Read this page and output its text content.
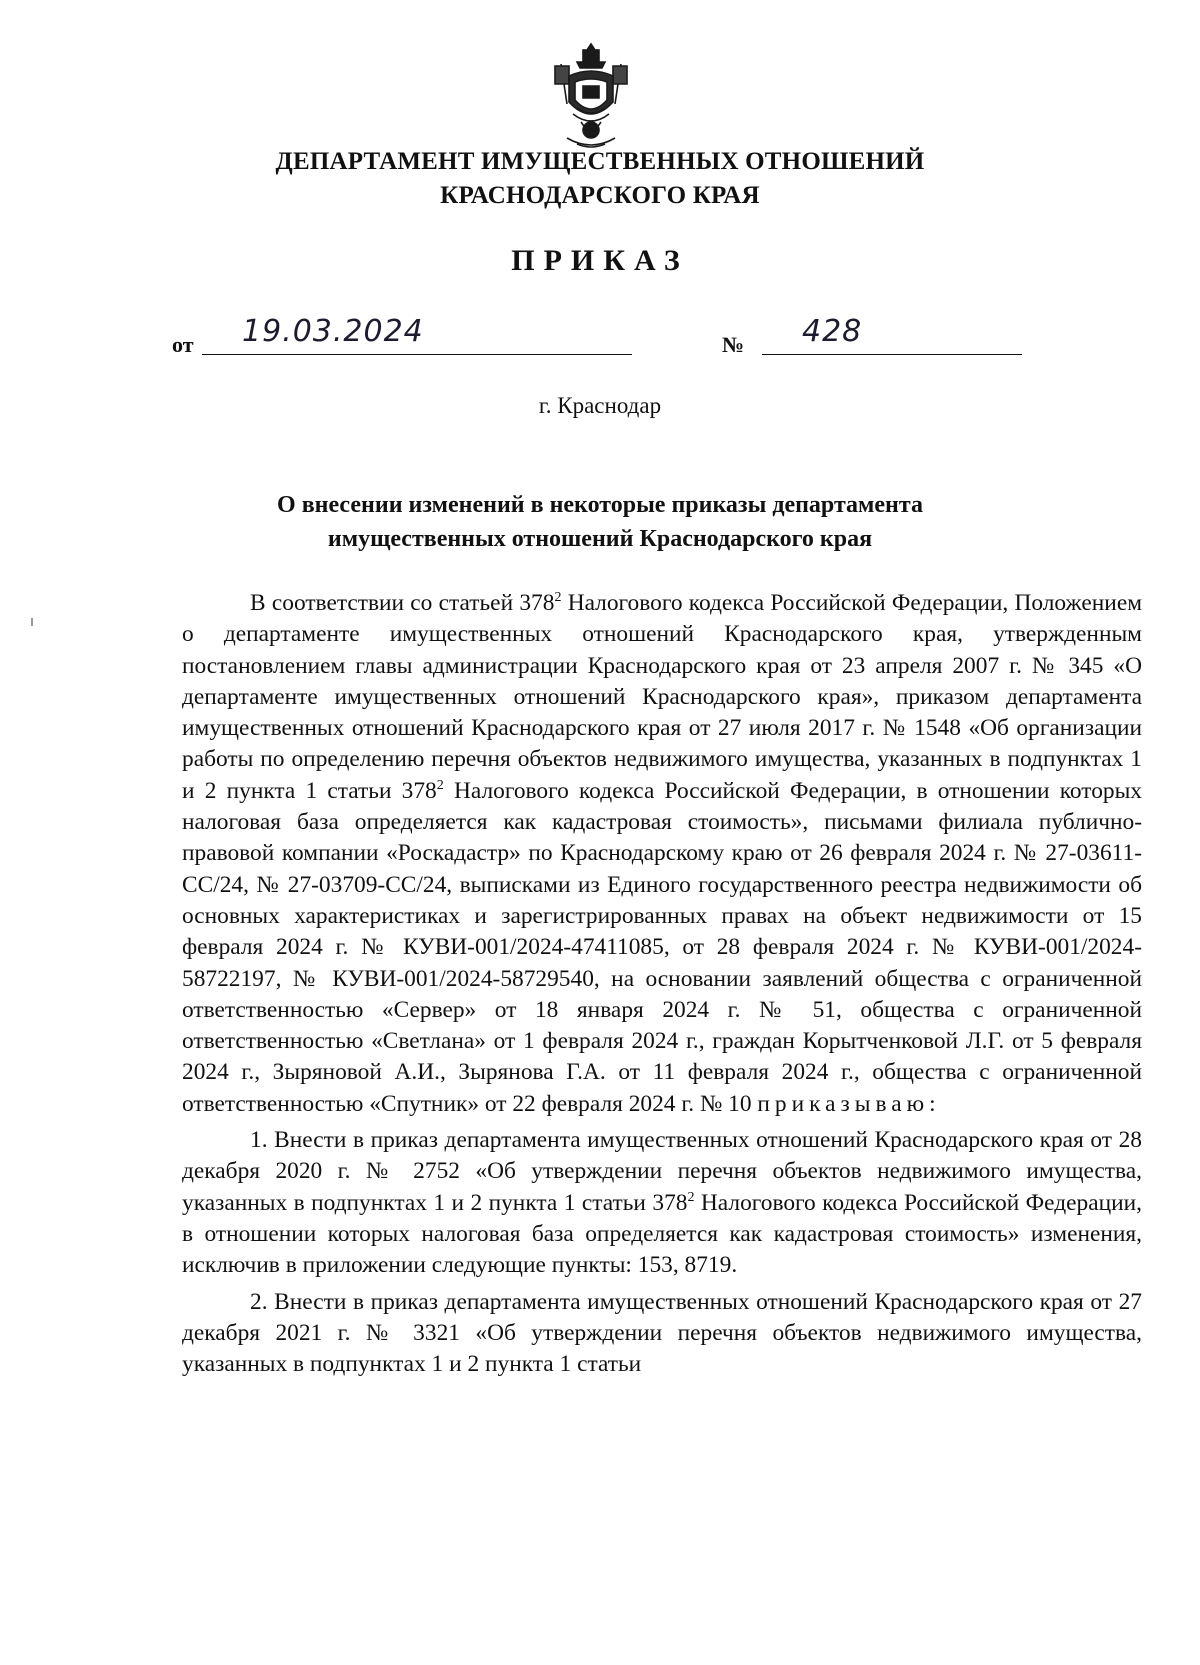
ДЕПАРТАМЕНТ ИМУЩЕСТВЕННЫХ ОТНОШЕНИЙ
КРАСНОДАРСКОГО КРАЯ
ПРИКАЗ
от 19.03.2024	№ 428
г. Краснодар
О внесении изменений в некоторые приказы департамента
имущественных отношений Краснодарского края

В соответствии со статьей $378^2$ Налогового кодекса Российской Федерации, Положением о департаменте имущественных отношений Краснодарского края, утвержденным постановлением главы администрации Краснодарского края от 23 апреля 2007 г. № 345 «О департаменте имущественных отношений Краснодарского края», приказом департамента имущественных отношений Краснодарского края от 27 июля 2017 г. № 1548 «Об организации работы по определению перечня объектов недвижимого имущества, указанных в подпунктах 1 и 2 пункта 1 статьи $378^2$ Налогового кодекса Российской Федерации, в отношении которых налоговая база определяется как кадастровая стоимость», письмами филиала публично-правовой компании «Роскадастр» по Краснодарскому краю от 26 февраля 2024 г. № 27-03611-СС/24, № 27-03709-СС/24, выписками из Единого государственного реестра недвижимости об основных характеристиках и зарегистрированных правах на объект недвижимости от 15 февраля 2024 г. № КУВИ-001/2024-47411085, от 28 февраля 2024 г. № КУВИ-001/2024-58722197, № КУВИ-001/2024-58729540, на основании заявлений общества с ограниченной ответственностью «Сервер» от 18 января 2024 г. № 51, общества с ограниченной ответственностью «Светлана» от 1 февраля 2024 г., граждан Корытченковой Л.Г. от 5 февраля 2024 г., Зыряновой А.И., Зырянова Г.А. от 11 февраля 2024 г., общества с ограниченной ответственностью «Спутник» от 22 февраля 2024 г. № 10 приказываю:

1. Внести в приказ департамента имущественных отношений Краснодарского края от 28 декабря 2020 г. № 2752 «Об утверждении перечня объектов недвижимого имущества, указанных в подпунктах 1 и 2 пункта 1 статьи $378^2$ Налогового кодекса Российской Федерации, в отношении которых налоговая база определяется как кадастровая стоимость» изменения, исключив в приложении следующие пункты: 153, 8719.

2. Внести в приказ департамента имущественных отношений Краснодарского края от 27 декабря 2021 г. № 3321 «Об утверждении перечня объектов недвижимого имущества, указанных в подпунктах 1 и 2 пункта 1 статьи
